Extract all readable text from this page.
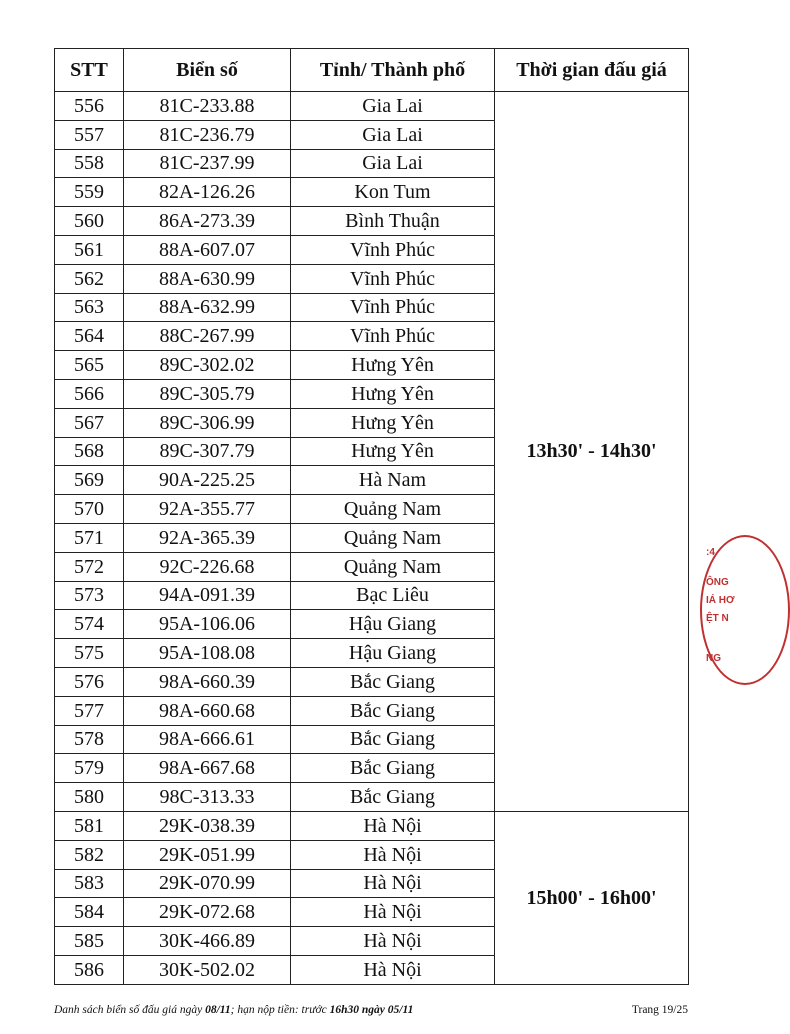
STT	Biển số	Tỉnh/ Thành phố	Thời gian đấu giá
556	81C-233.88	Gia Lai	13h30' - 14h30'
557	81C-236.79	Gia Lai	
558	81C-237.99	Gia Lai	
559	82A-126.26	Kon Tum	
560	86A-273.39	Bình Thuận	
561	88A-607.07	Vĩnh Phúc	
562	88A-630.99	Vĩnh Phúc	
563	88A-632.99	Vĩnh Phúc	
564	88C-267.99	Vĩnh Phúc	
565	89C-302.02	Hưng Yên	
566	89C-305.79	Hưng Yên	
567	89C-306.99	Hưng Yên	
568	89C-307.79	Hưng Yên	
569	90A-225.25	Hà Nam	
570	92A-355.77	Quảng Nam	
571	92A-365.39	Quảng Nam	
572	92C-226.68	Quảng Nam	
573	94A-091.39	Bạc Liêu	
574	95A-106.06	Hậu Giang	
575	95A-108.08	Hậu Giang	
576	98A-660.39	Bắc Giang	
577	98A-660.68	Bắc Giang	
578	98A-666.61	Bắc Giang	
579	98A-667.68	Bắc Giang	
580	98C-313.33	Bắc Giang	
581	29K-038.39	Hà Nội	15h00' - 16h00'
582	29K-051.99	Hà Nội	
583	29K-070.99	Hà Nội	
584	29K-072.68	Hà Nội	
585	30K-466.89	Hà Nội	
586	30K-502.02	Hà Nội	
Danh sách biển số đấu giá ngày 08/11; hạn nộp tiền: trước 16h30 ngày 05/11	Trang 19/25
:4
ÔNG
IÁ HƠ
ỆT N
NG
